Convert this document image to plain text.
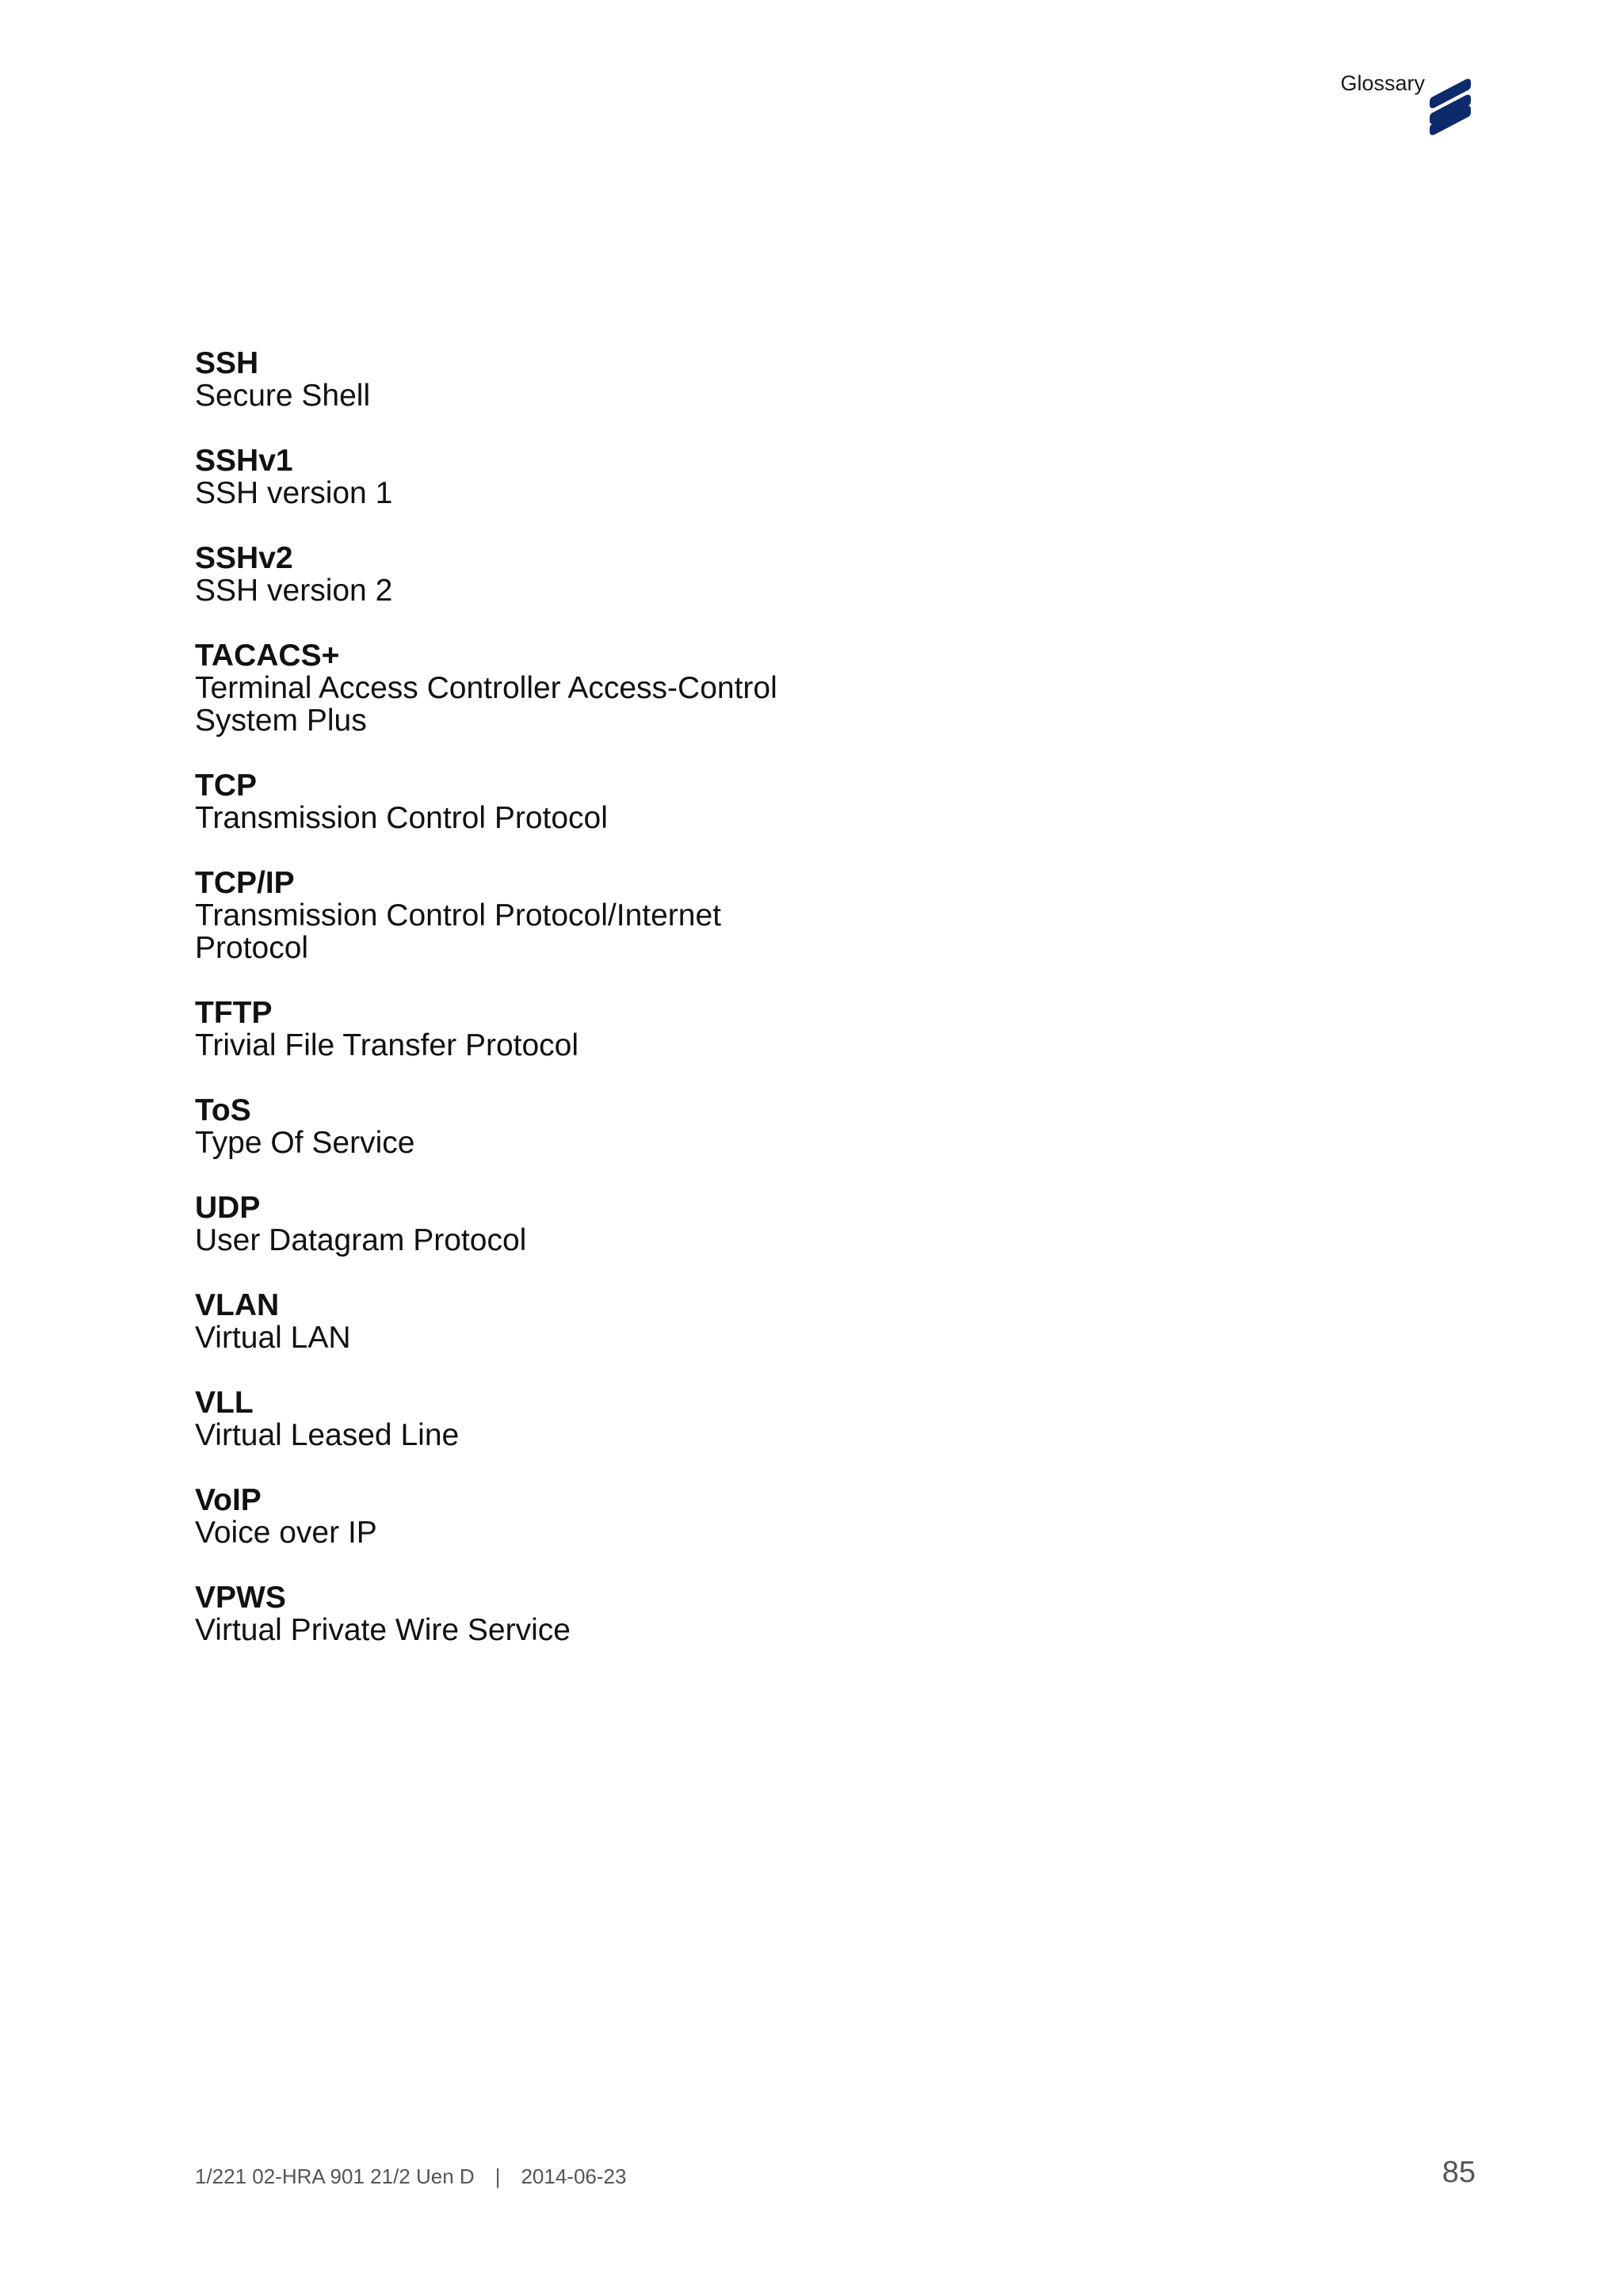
Glossary
SSH
Secure Shell
SSHv1
SSH version 1
SSHv2
SSH version 2
TACACS+
Terminal Access Controller Access-Control System Plus
TCP
Transmission Control Protocol
TCP/IP
Transmission Control Protocol/Internet Protocol
TFTP
Trivial File Transfer Protocol
ToS
Type Of Service
UDP
User Datagram Protocol
VLAN
Virtual LAN
VLL
Virtual Leased Line
VoIP
Voice over IP
VPWS
Virtual Private Wire Service
1/221 02-HRA 901 21/2 Uen D | 2014-06-23	85
